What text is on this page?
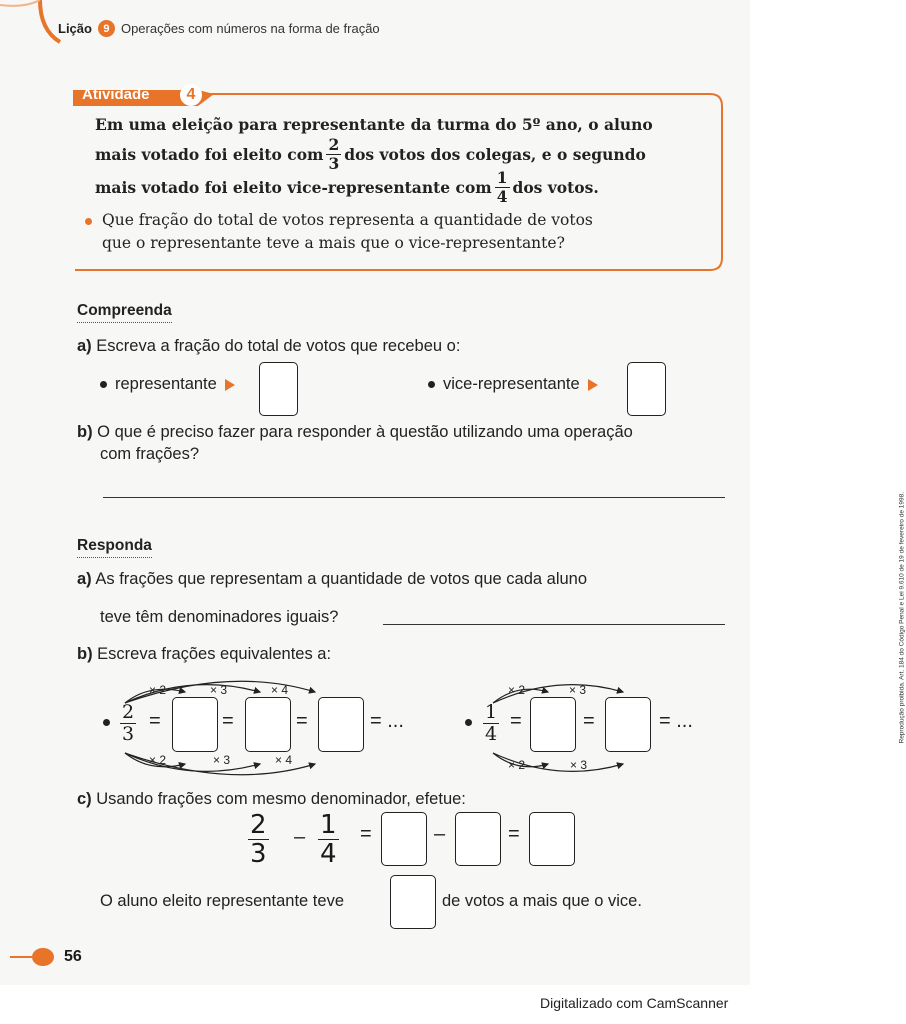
Lição	9 Operações com números na forma de fração
Atividade	4
Em uma eleição para representante da turma do 5º ano, o aluno
mais votado foi eleito com $\frac{2}{3}$ dos votos dos colegas, e o segundo
mais votado foi eleito vice-representante com $\frac{1}{4}$ dos votos.
Que fração do total de votos representa a quantidade de votos
que o representante teve a mais que o vice-representante?
Compreenda
a) Escreva a fração do total de votos que recebeu o:
representante	vice-representante
b) O que é preciso fazer para responder à questão utilizando uma operação
com frações?
Responda
a) As frações que representam a quantidade de votos que cada aluno
teve têm denominadores iguais?
b) Escreva frações equivalentes a:
× 2	× 3	× 4
× 2	× 3	× 4
$\frac{2}{3}$ =	=	=	= ...
× 2	× 3
× 2	× 3
$\frac{1}{4}$ =	=	= ...
c) Usando frações com mesmo denominador, efetue:
$\frac{2}{3} - \frac{1}{4}$ =	–	=
O aluno eleito representante teve	de votos a mais que o vice.
56
Reprodução proibida. Art. 184 do Código Penal e Lei 9.610 de 19 de fevereiro de 1998.
Digitalizado com CamScanner
